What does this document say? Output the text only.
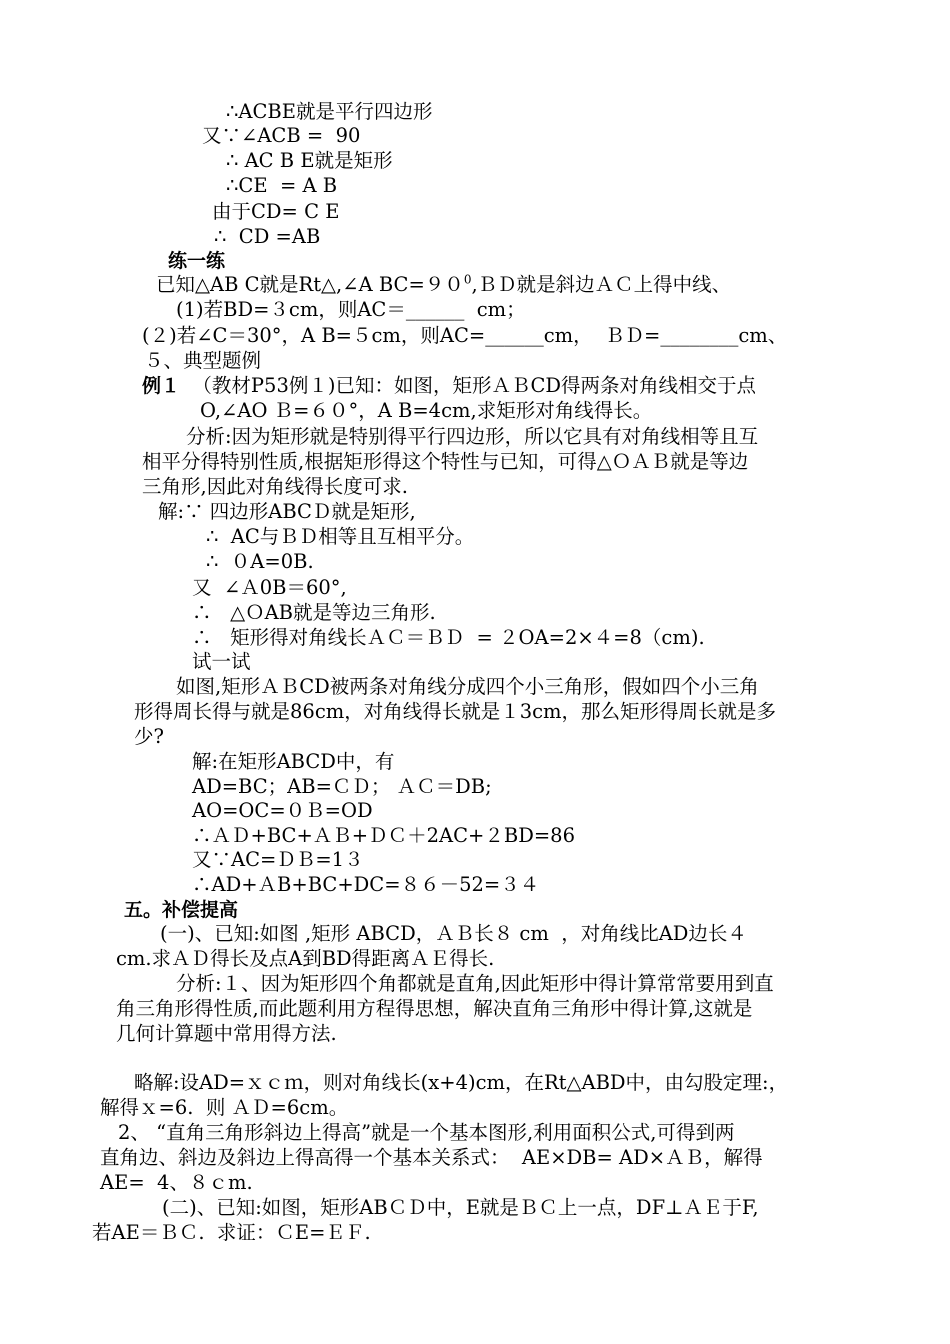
∴ACBE就是平行四边形
又∵∠ACB =  90
∴ AC B E就是矩形
∴CE  = A B
由于CD= C E
∴  CD =AB
练一练
已知△AB C就是Rt△,∠A $BC=90^0,BD$就是斜边ＡＣ上得中线、
(1)若BD=３cm，则AC＝______  cm；
(２)若∠C＝30°，A B=５cm，则AC=______cm，  ＢＤ=________cm、
５、典型题例
例１ （教材P53例１)已知：如图，矩形ＡＢCD得两条对角线相交于点
O,∠AO Ｂ=６０°，A B=4cm,求矩形对角线得长。
分析:因为矩形就是特别得平行四边形，所以它具有对角线相等且互
相平分得特别性质,根据矩形得这个特性与已知，可得△ＯＡＢ就是等边
三角形,因此对角线得长度可求.
解:∵ 四边形ABCＤ就是矩形,
∴  AC与ＢＤ相等且互相平分。
∴  ０A=0B.
又  ∠Ａ0B＝60°,
∴   △ＯAB就是等边三角形.
∴   矩形得对角线长ＡＣ＝ＢＤ  = ２OA=2×４=8（cm).
试一试
如图,矩形ＡＢCD被两条对角线分成四个小三角形，假如四个小三角
形得周长得与就是86cm，对角线得长就是１3cm，那么矩形得周长就是多
少?
解:在矩形ABCD中，有
AD=BC；AB=ＣＤ； ＡＣ＝DB;
AO=OC=０Ｂ=OD
∴ＡＤ+BC+ＡＢ+ＤＣ＋2AC+２BD=86
又∵AC=ＤＢ=1３
∴AD+ＡB+BC+DC=８６－52=３４
五。补偿提高
(一)、已知:如图 ,矩形 ABCD，ＡＢ长８ cm  ，对角线比AD边长４
cm.求ＡＤ得长及点A到BD得距离ＡＥ得长.
分析:１、因为矩形四个角都就是直角,因此矩形中得计算常常要用到直
角三角形得性质,而此题利用方程得思想，解决直角三角形中得计算,这就是
几何计算题中常用得方法.
略解:设AD=ｘｃｍ，则对角线长(x+4)cm，在Rt△ABD中，由勾股定理:，
解得ｘ=6.  则 ＡＤ=6cm。
2、 “直角三角形斜边上得高”就是一个基本图形,利用面积公式,可得到两
直角边、斜边及斜边上得高得一个基本关系式：  AE×DB= AD×ＡＢ，解得
AE=  4、８ｃm.
(二)、已知:如图，矩形ABＣＤ中，E就是ＢＣ上一点，DF⊥ＡＥ于F,
若AE＝ＢＣ.  求证：ＣE=ＥＦ.
